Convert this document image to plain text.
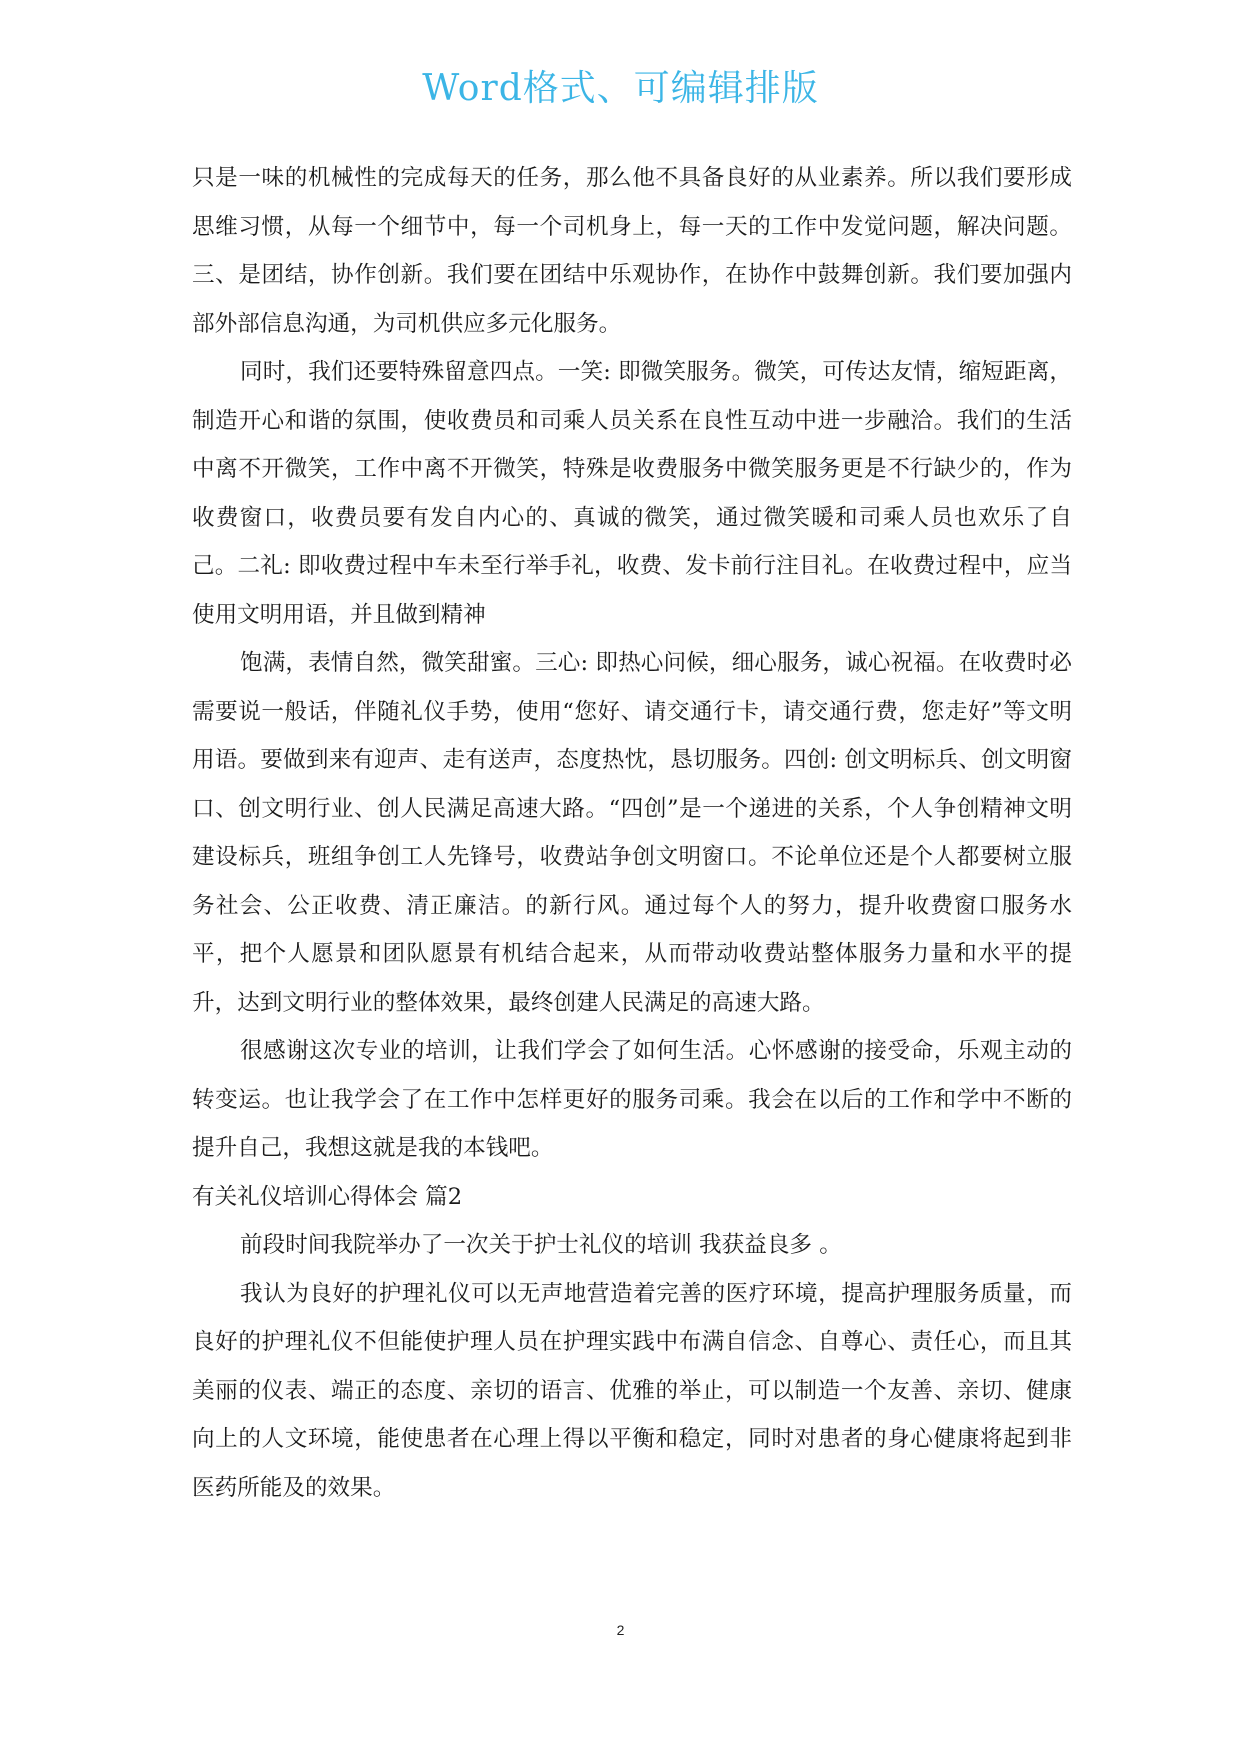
Word格式、可编辑排版

只是一味的机械性的完成每天的任务，那么他不具备良好的从业素养。所以我们要形成思维习惯，从每一个细节中，每一个司机身上，每一天的工作中发觉问题，解决问题。三、是团结，协作创新。我们要在团结中乐观协作，在协作中鼓舞创新。我们要加强内部外部信息沟通，为司机供应多元化服务。

同时，我们还要特殊留意四点。一笑: 即微笑服务。微笑，可传达友情，缩短距离，制造开心和谐的氛围，使收费员和司乘人员关系在良性互动中进一步融洽。我们的生活中离不开微笑，工作中离不开微笑，特殊是收费服务中微笑服务更是不行缺少的，作为收费窗口，收费员要有发自内心的、真诚的微笑，通过微笑暖和司乘人员也欢乐了自己。二礼: 即收费过程中车未至行举手礼，收费、发卡前行注目礼。在收费过程中，应当使用文明用语，并且做到精神

饱满，表情自然，微笑甜蜜。三心: 即热心问候，细心服务，诚心祝福。在收费时必需要说一般话，伴随礼仪手势，使用“您好、请交通行卡，请交通行费，您走好”等文明用语。要做到来有迎声、走有送声，态度热忱，恳切服务。四创: 创文明标兵、创文明窗口、创文明行业、创人民满足高速大路。“四创”是一个递进的关系，个人争创精神文明建设标兵，班组争创工人先锋号，收费站争创文明窗口。不论单位还是个人都要树立服务社会、公正收费、清正廉洁。的新行风。通过每个人的努力，提升收费窗口服务水平，把个人愿景和团队愿景有机结合起来，从而带动收费站整体服务力量和水平的提升，达到文明行业的整体效果，最终创建人民满足的高速大路。

很感谢这次专业的培训，让我们学会了如何生活。心怀感谢的接受命，乐观主动的转变运。也让我学会了在工作中怎样更好的服务司乘。我会在以后的工作和学中不断的提升自己，我想这就是我的本钱吧。

有关礼仪培训心得体会 篇2

前段时间我院举办了一次关于护士礼仪的培训 我获益良多 。

我认为良好的护理礼仪可以无声地营造着完善的医疗环境，提高护理服务质量，而良好的护理礼仪不但能使护理人员在护理实践中布满自信念、自尊心、责任心，而且其美丽的仪表、端正的态度、亲切的语言、优雅的举止，可以制造一个友善、亲切、健康向上的人文环境，能使患者在心理上得以平衡和稳定，同时对患者的身心健康将起到非医药所能及的效果。

2
